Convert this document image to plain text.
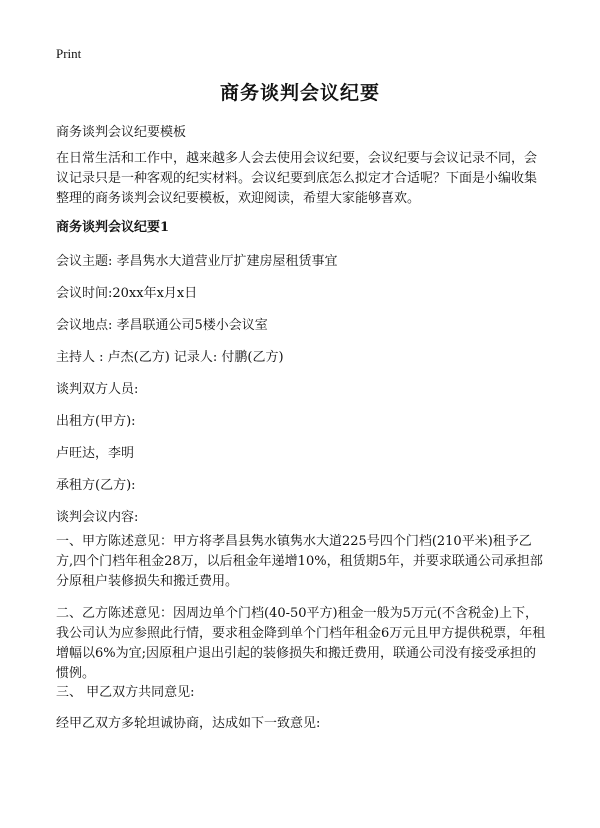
Print
商务谈判会议纪要
商务谈判会议纪要模板
在日常生活和工作中，越来越多人会去使用会议纪要，会议纪要与会议记录不同，会议记录只是一种客观的纪实材料。会议纪要到底怎么拟定才合适呢？下面是小编收集整理的商务谈判会议纪要模板，欢迎阅读，希望大家能够喜欢。
商务谈判会议纪要1
会议主题: 孝昌隽水大道营业厅扩建房屋租赁事宜
会议时间:20xx年x月x日
会议地点: 孝昌联通公司5楼小会议室
主持人 : 卢杰(乙方) 记录人: 付鹏(乙方)
谈判双方人员:
出租方(甲方):
卢旺达，李明
承租方(乙方):
谈判会议内容:
一、甲方陈述意见：甲方将孝昌县隽水镇隽水大道225号四个门档(210平米)租予乙方,四个门档年租金28万，以后租金年递增10%，租赁期5年，并要求联通公司承担部分原租户装修损失和搬迁费用。
二、乙方陈述意见：因周边单个门档(40-50平方)租金一般为5万元(不含税金)上下，我公司认为应参照此行情，要求租金降到单个门档年租金6万元且甲方提供税票，年租增幅以6%为宜;因原租户退出引起的装修损失和搬迁费用，联通公司没有接受承担的惯例。
三、 甲乙双方共同意见:
经甲乙双方多轮坦诚协商，达成如下一致意见:
